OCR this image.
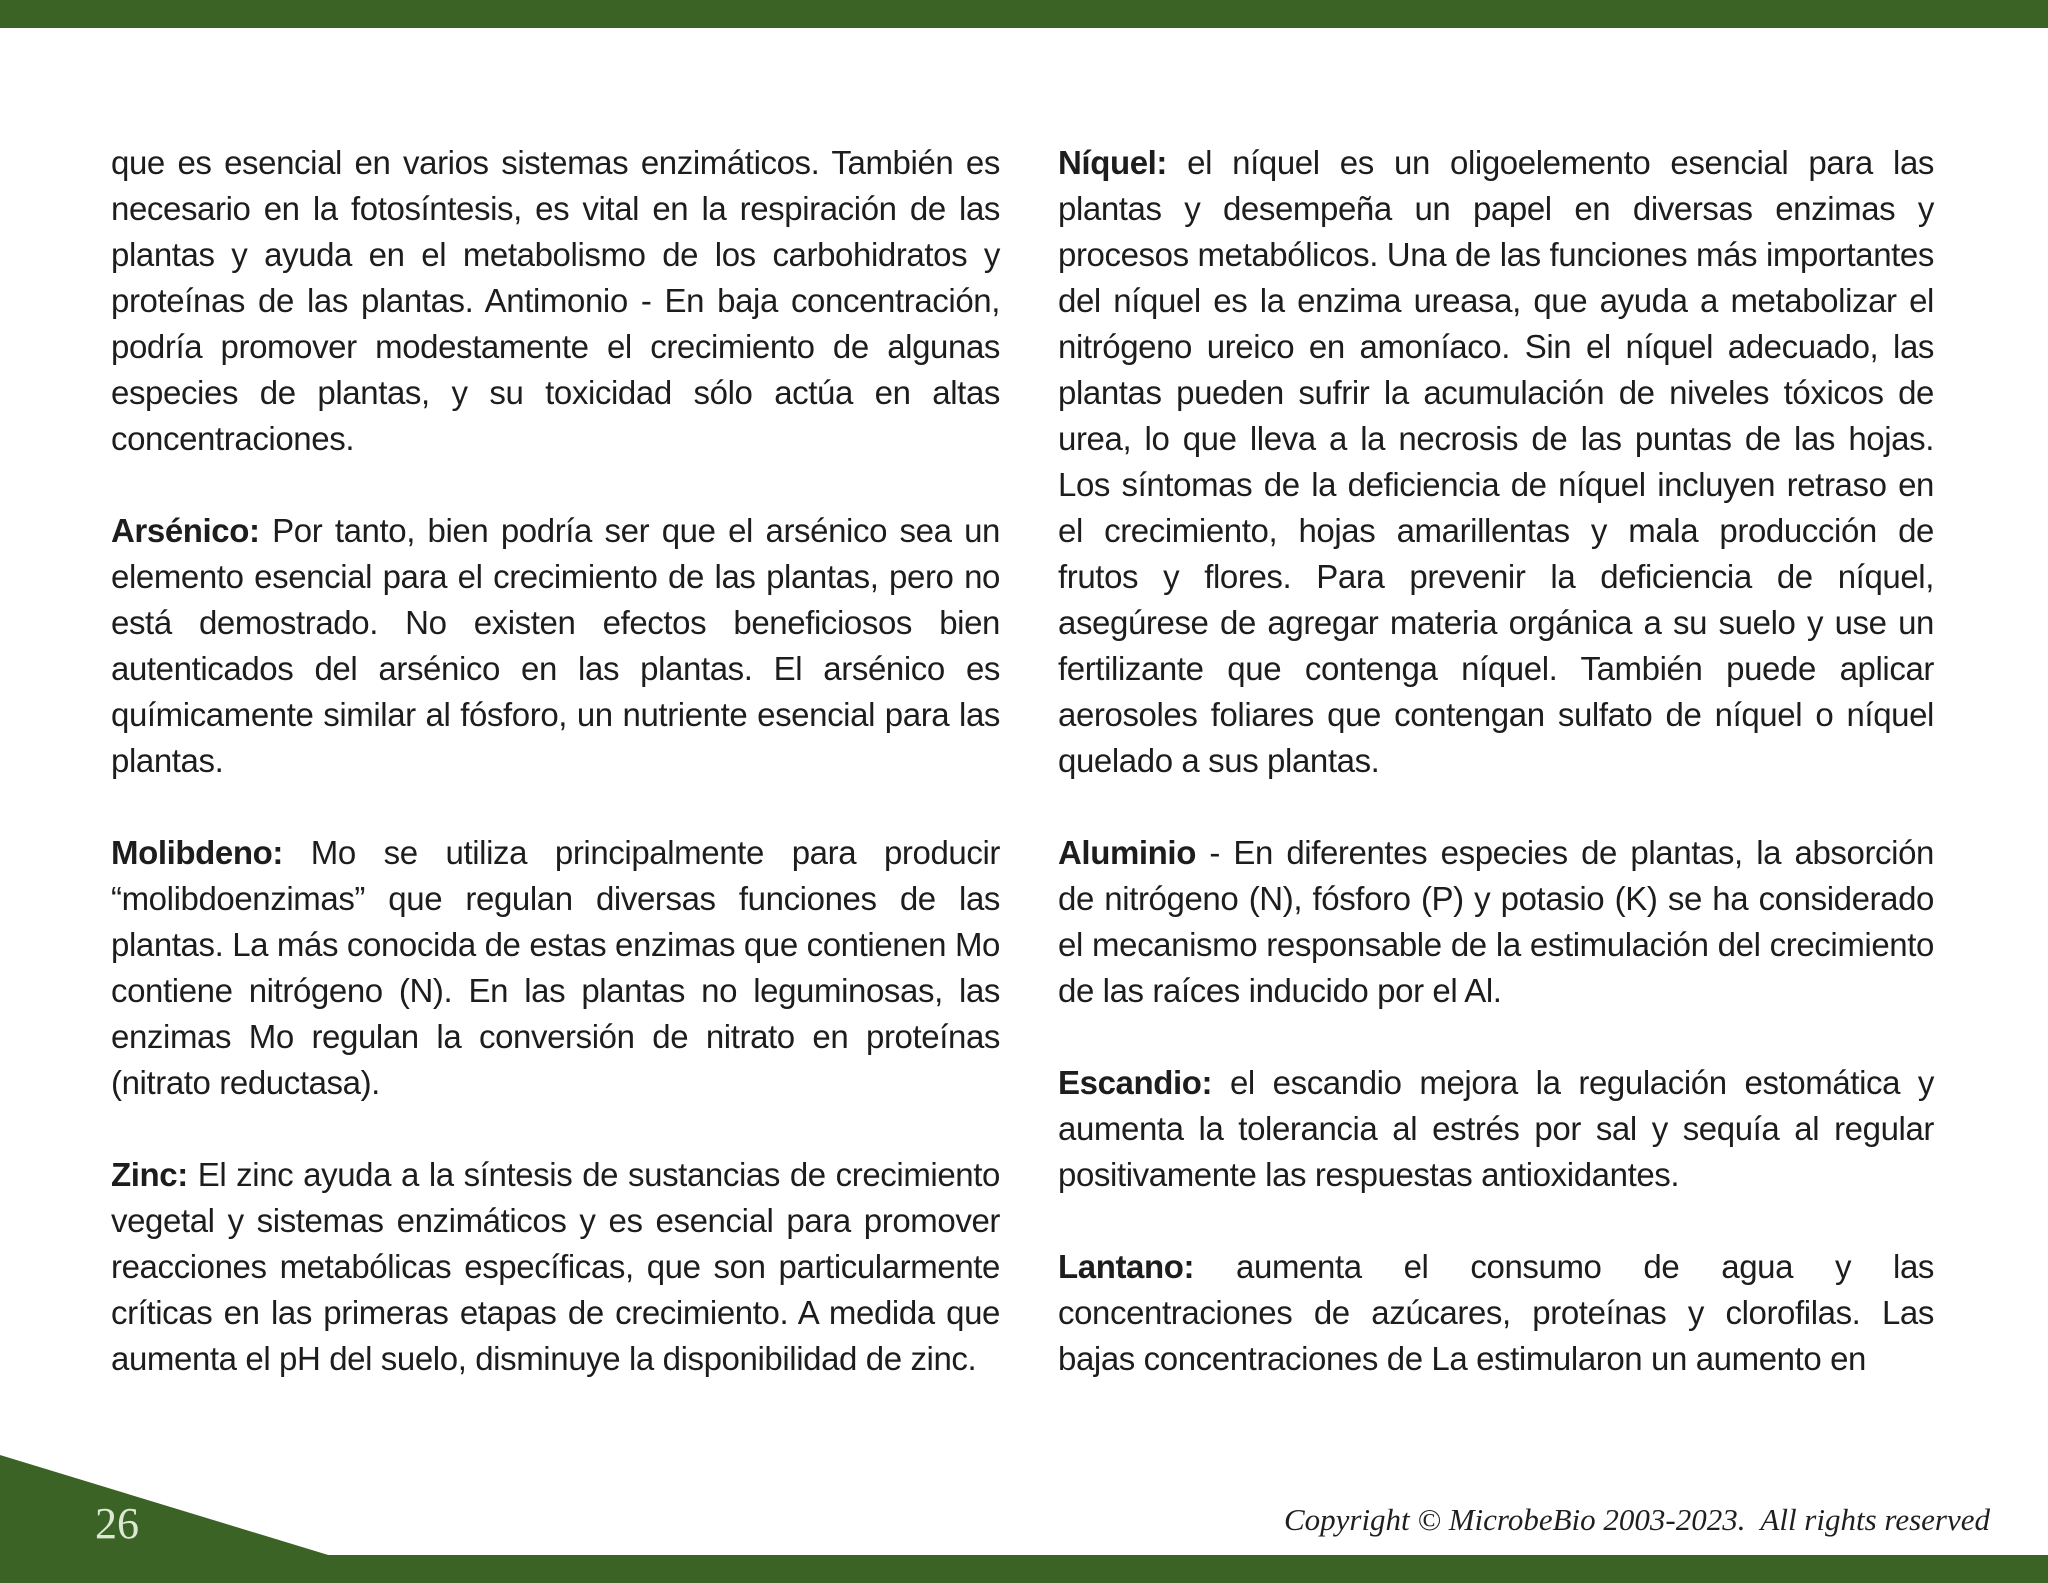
que es esencial en varios sistemas enzimáticos. También es necesario en la fotosíntesis, es vital en la respiración de las plantas y ayuda en el metabolismo de los carbohidratos y proteínas de las plantas. Antimonio - En baja concentración, podría promover modestamente el crecimiento de algunas especies de plantas, y su toxicidad sólo actúa en altas concentraciones.

Arsénico: Por tanto, bien podría ser que el arsénico sea un elemento esencial para el crecimiento de las plantas, pero no está demostrado. No existen efectos beneficiosos bien autenticados del arsénico en las plantas. El arsénico es químicamente similar al fósforo, un nutriente esencial para las plantas.

Molibdeno: Mo se utiliza principalmente para producir “molibdoenzimas” que regulan diversas funciones de las plantas. La más conocida de estas enzimas que contienen Mo contiene nitrógeno (N). En las plantas no leguminosas, las enzimas Mo regulan la conversión de nitrato en proteínas (nitrato reductasa).

Zinc: El zinc ayuda a la síntesis de sustancias de crecimiento vegetal y sistemas enzimáticos y es esencial para promover reacciones metabólicas específicas, que son particularmente críticas en las primeras etapas de crecimiento. A medida que aumenta el pH del suelo, disminuye la disponibilidad de zinc.

Níquel: el níquel es un oligoelemento esencial para las plantas y desempeña un papel en diversas enzimas y procesos metabólicos. Una de las funciones más importantes del níquel es la enzima ureasa, que ayuda a metabolizar el nitrógeno ureico en amoníaco. Sin el níquel adecuado, las plantas pueden sufrir la acumulación de niveles tóxicos de urea, lo que lleva a la necrosis de las puntas de las hojas. Los síntomas de la deficiencia de níquel incluyen retraso en el crecimiento, hojas amarillentas y mala producción de frutos y flores. Para prevenir la deficiencia de níquel, asegúrese de agregar materia orgánica a su suelo y use un fertilizante que contenga níquel. También puede aplicar aerosoles foliares que contengan sulfato de níquel o níquel quelado a sus plantas.

Aluminio - En diferentes especies de plantas, la absorción de nitrógeno (N), fósforo (P) y potasio (K) se ha considerado el mecanismo responsable de la estimulación del crecimiento de las raíces inducido por el Al.

Escandio: el escandio mejora la regulación estomática y aumenta la tolerancia al estrés por sal y sequía al regular positivamente las respuestas antioxidantes.

Lantano: aumenta el consumo de agua y las concentraciones de azúcares, proteínas y clorofilas. Las bajas concentraciones de La estimularon un aumento en

26	Copyright © MicrobeBio 2003-2023.  All rights reserved
